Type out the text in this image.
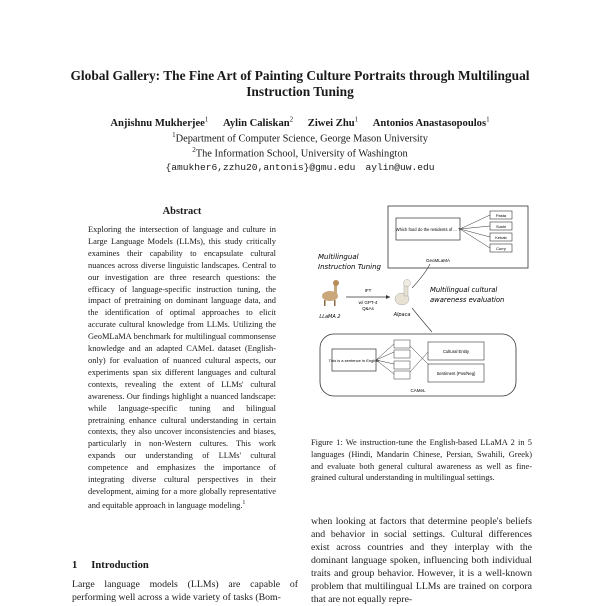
Global Gallery: The Fine Art of Painting Culture Portraits through Multilingual Instruction Tuning
Anjishnu Mukherjee$^1$ Aylin Caliskan$^2$ Ziwei Zhu$^1$ Antonios Anastasopoulos$^1$
$^1$Department of Computer Science, George Mason University
$^2$The Information School, University of Washington
{amukher6,zzhu20,antonis}@gmu.edu aylin@uw.edu
Abstract
Exploring the intersection of language and culture in Large Language Models (LLMs), this study critically examines their capability to encapsulate cultural nuances across diverse linguistic landscapes. Central to our investigation are three research questions: the efficacy of language-specific instruction tuning, the impact of pretraining on dominant language data, and the identification of optimal approaches to elicit accurate cultural knowledge from LLMs. Utilizing the GeoMLaMA benchmark for multilingual commonsense knowledge and an adapted CAMeL dataset (English-only) for evaluation of nuanced cultural aspects, our experiments span six different languages and cultural contexts, revealing the extent of LLMs' cultural awareness. Our findings highlight a nuanced landscape: while language-specific tuning and bilingual pretraining enhance cultural understanding in certain contexts, they also uncover inconsistencies and biases, particularly in non-Western cultures. This work expands our understanding of LLMs' cultural competence and emphasizes the importance of integrating diverse cultural perspectives in their development, aiming for a more globally representative and equitable approach in language modeling.$^1$
Which food do the residents of ... ?
Pasta
Sushi
Kebab
Curry
GeoMLaMA
Multilingual
Instruction Tuning
LLaMA 2
IFT
w/ GPT-4
Q&As
Alpaca
Multilingual cultural
awareness evaluation
This is a sentence in English
Cultural Entity
Sentiment (Pos/Neg)
CAMeL
Figure 1: We instruction-tune the English-based LLaMA 2 in 5 languages (Hindi, Mandarin Chinese, Persian, Swahili, Greek) and evaluate both general cultural awareness as well as fine-grained cultural understanding in multilingual settings.
when looking at factors that determine people's beliefs and behavior in social settings. Cultural differences exist across countries and they interplay with the dominant language spoken, influencing both individual traits and group behavior. However, it is a well-known problem that multilingual LLMs are trained on corpora that are not equally repre-
1 Introduction
Large language models (LLMs) are capable of performing well across a wide variety of tasks (Bom-
